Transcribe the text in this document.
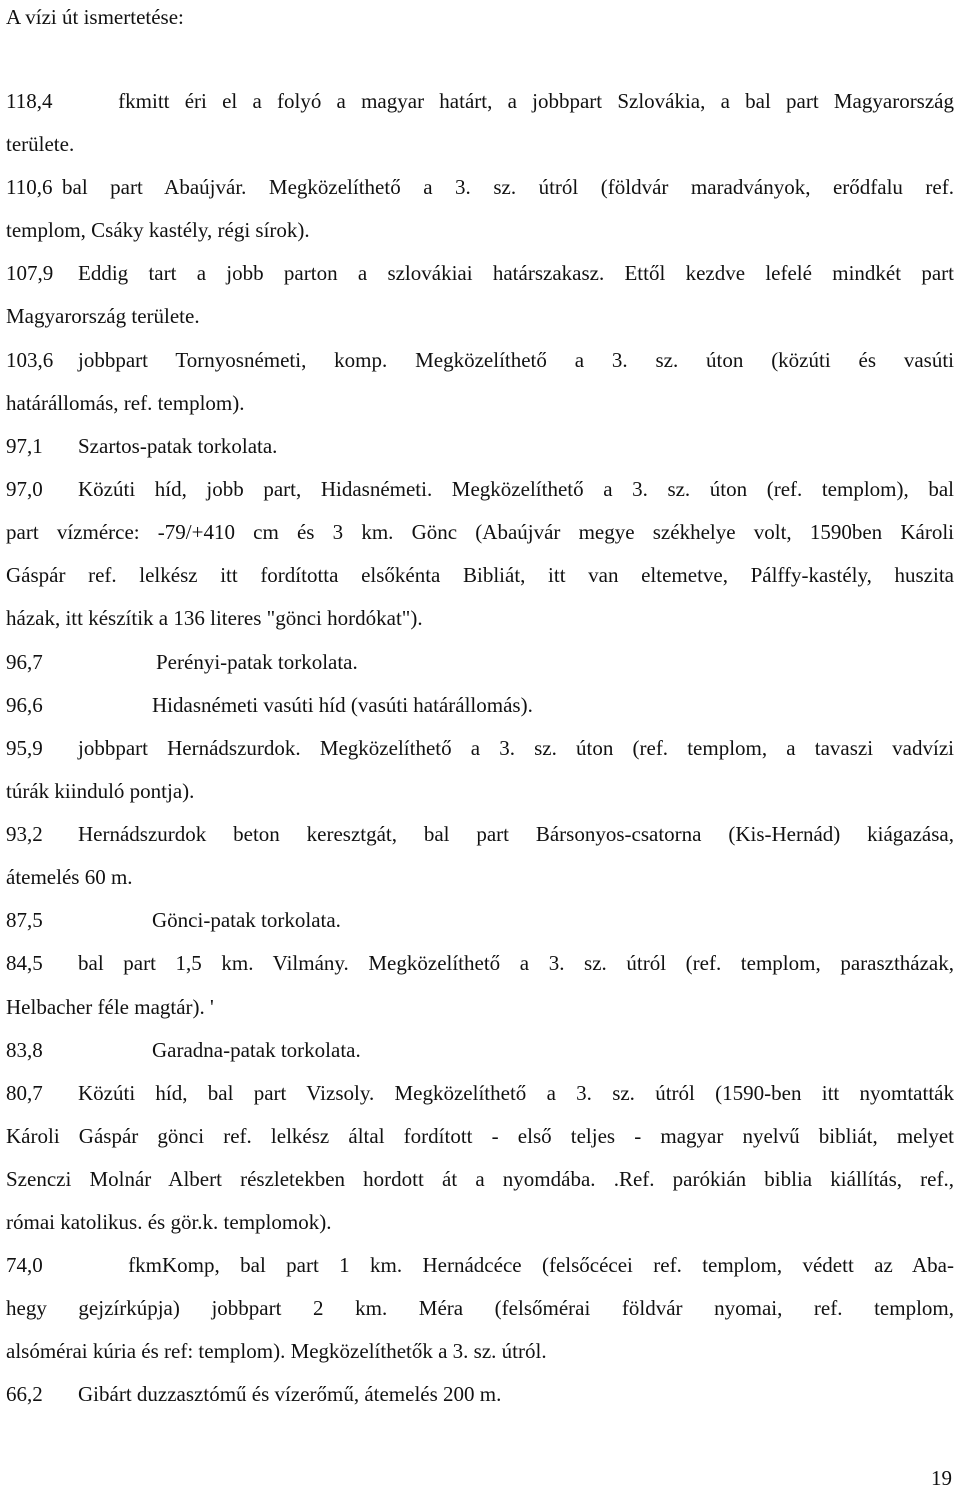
A vízi út ismertetése:
118,4 fkmitt éri el a folyó a magyar határt, a jobbpart Szlovákia, a bal part Magyarország
területe.
110,6 bal part Abaújvár. Megközelíthető a 3. sz. útról (földvár maradványok, erődfalu ref.
templom, Csáky kastély, régi sírok).
107,9 Eddig tart a jobb parton a szlovákiai határszakasz. Ettől kezdve lefelé mindkét part
Magyarország területe.
103,6 jobbpart Tornyosnémeti, komp. Megközelíthető a 3. sz. úton (közúti és vasúti
határállomás, ref. templom).
97,1 Szartos-patak torkolata.
97,0 Közúti híd, jobb part, Hidasnémeti. Megközelíthető a 3. sz. úton (ref. templom), bal
part vízmérce: -79/+410 cm és 3 km. Gönc (Abaújvár megye székhelye volt, 1590ben Károli
Gáspár ref. lelkész itt fordította elsőkénta Bibliát, itt van eltemetve, Pálffy-kastély, huszita
házak, itt készítik a 136 literes "gönci hordókat").
96,7	Perényi-patak torkolata.
96,6	Hidasnémeti vasúti híd (vasúti határállomás).
95,9 jobbpart Hernádszurdok. Megközelíthető a 3. sz. úton (ref. templom, a tavaszi vadvízi
túrák kiinduló pontja).
93,2 Hernádszurdok beton keresztgát, bal part Bársonyos-csatorna (Kis-Hernád) kiágazása,
átemelés 60 m.
87,5	Gönci-patak torkolata.
84,5 bal part 1,5 km. Vilmány. Megközelíthető a 3. sz. útról (ref. templom, parasztházak,
Helbacher féle magtár). '
83,8	Garadna-patak torkolata.
80,7 Közúti híd, bal part Vizsoly. Megközelíthető a 3. sz. útról (1590-ben itt nyomtatták
Károli Gáspár gönci ref. lelkész által fordított - első teljes - magyar nyelvű bibliát, melyet
Szenczi Molnár Albert részletekben hordott át a nyomdába. .Ref. parókián biblia kiállítás, ref.,
római katolikus. és gör.k. templomok).
74,0 fkmKomp, bal part 1 km. Hernádcéce (felsőcécei ref. templom, védett az Aba-
hegy gejzírkúpja) jobbpart 2 km. Méra (felsőmérai földvár nyomai, ref. templom,
alsómérai kúria és ref: templom). Megközelíthetők a 3. sz. útról.
66,2 Gibárt duzzasztómű és vízerőmű, átemelés 200 m.
19
